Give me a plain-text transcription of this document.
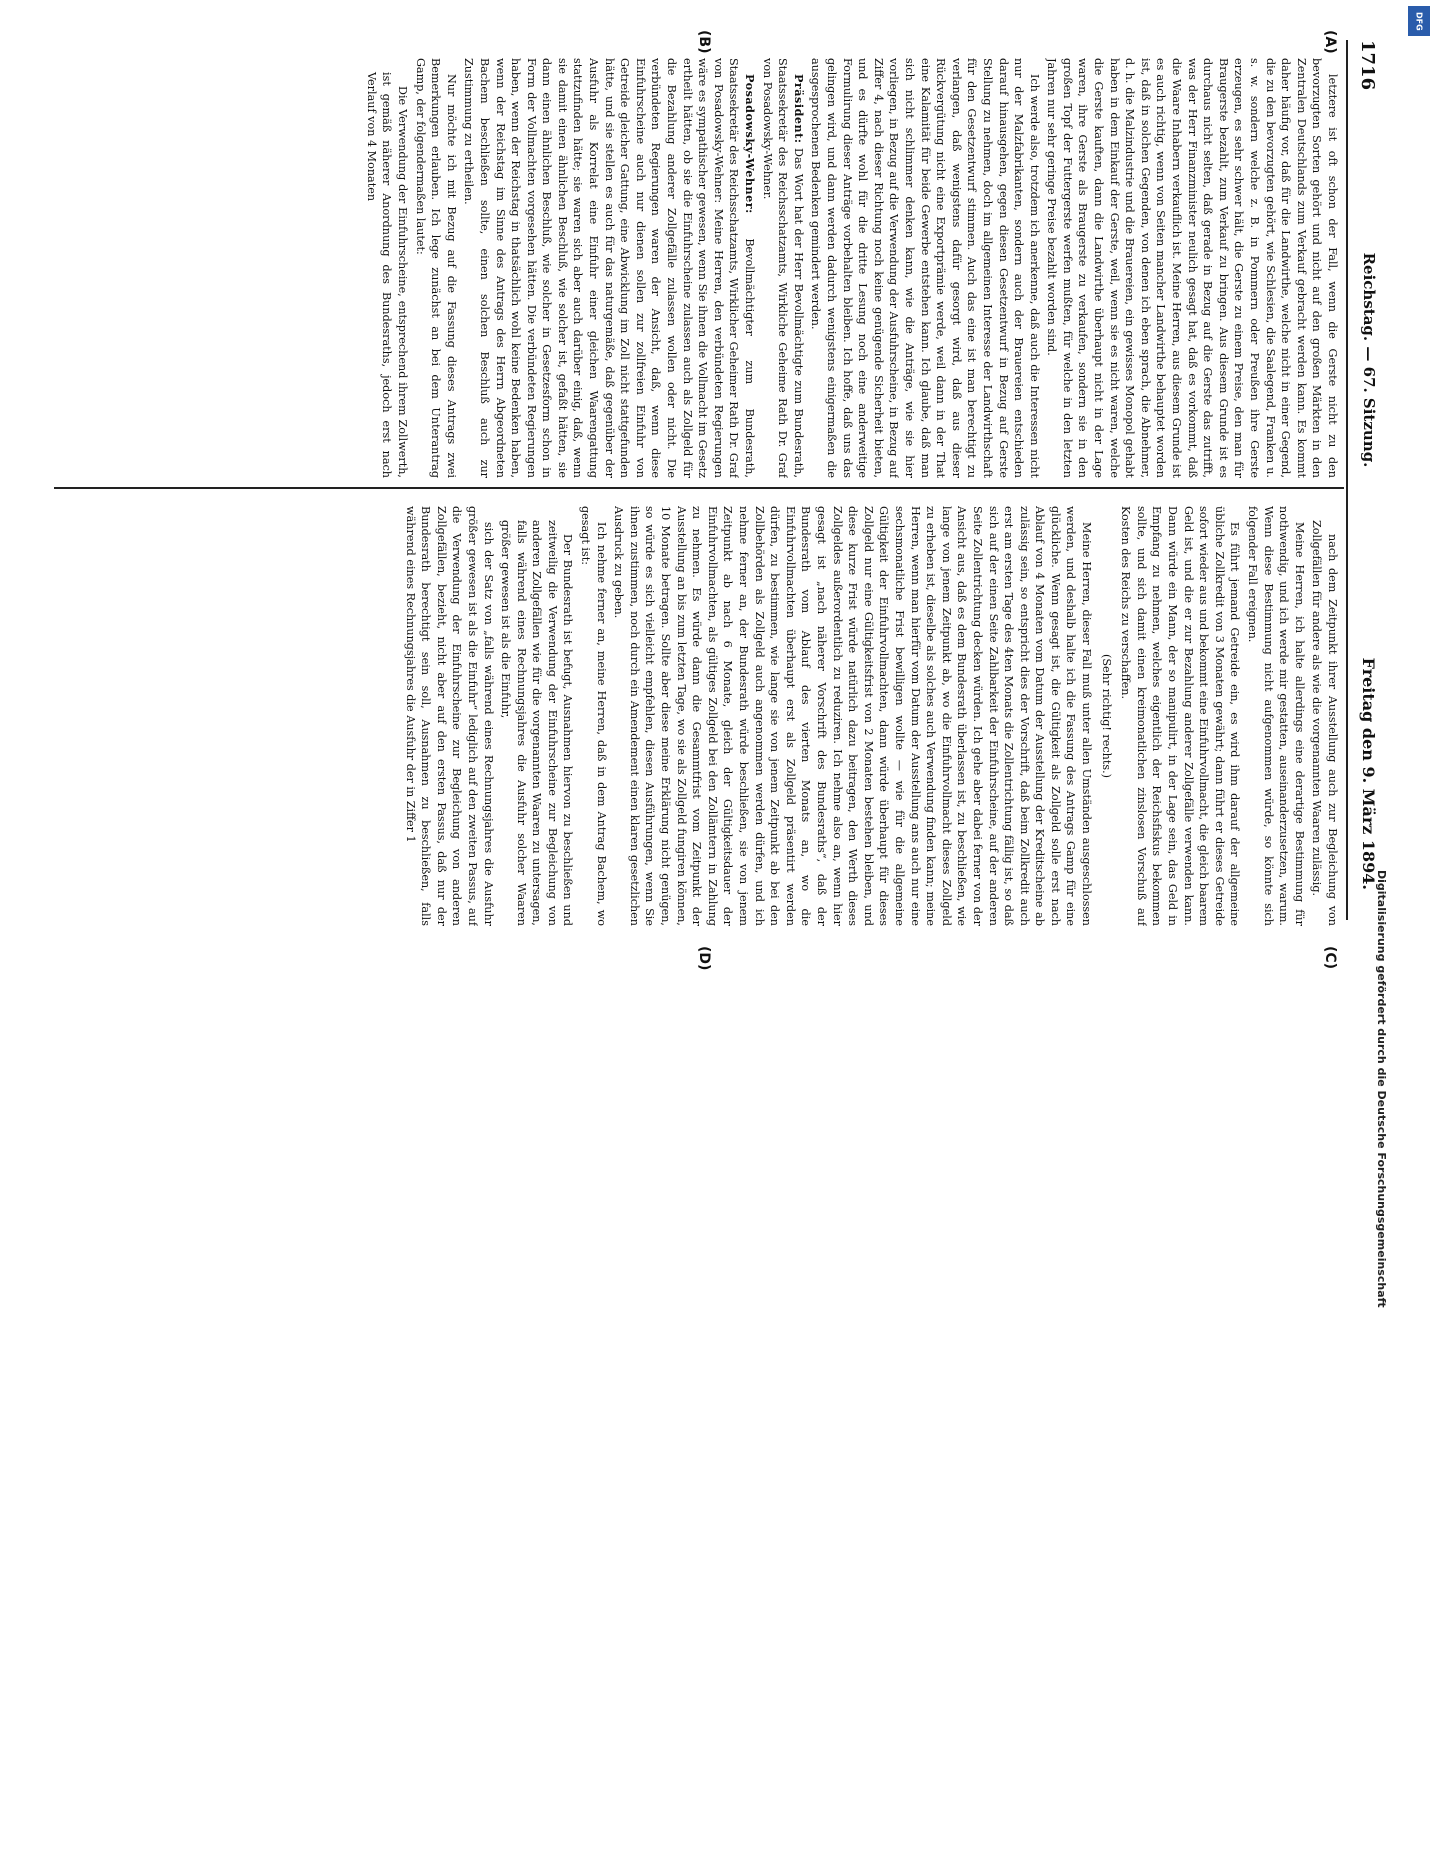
1716
Reichstag. — 67. Sitzung.
Freitag den 9. März 1894.
(A)
(B)
(C)
(D)

letztere ist oft schon der Fall, wenn die Gerste nicht zu den bevorzugten Sorten gehört und nicht auf den großen Märkten in den Zentralen Deutschlands zum Verkauf gebracht werden kann. Es kommt daher häufig vor, daß für die Landwirthe, welche nicht in einer Gegend, die zu den bevorzugten gehört, wie Schlesien, die Saalegend, Franken u. s. w. sondern welche z. B. in Pommern oder Preußen ihre Gerste erzeugen, es sehr schwer hält, die Gerste zu einem Preise, den man für Braugerste bezahlt, zum Verkauf zu bringen. Aus diesem Grunde ist es durchaus nicht selten, daß gerade in Bezug auf die Gerste das zutrifft, was der Herr Finanzminister neulich gesagt hat, daß es vorkommt, daß die Waare Inhabern verkauflich ist. Meine Herren, aus diesem Grunde ist es auch richtig, wenn von Seiten mancher Landwirthe behauptet worden ist, daß in solchen Gegenden, von denen ich eben sprach, die Abnehmer, d. h. die Malzindustrie und die Brauereien, ein gewisses Monopol gehabt haben in dem Einkauf der Gerste, weil, wenn sie es nicht waren, welche die Gerste kauften, dann die Landwirthe überhaupt nicht in der Lage waren, ihre Gerste als Braugerste zu verkaufen, sondern sie in den großen Topf der Futtergerste werfen mußten, für welche in den letzten Jahren nur sehr geringe Preise bezahlt worden sind.

Ich werde also, trotzdem ich anerkenne, daß auch die Interessen nicht nur der Malzfabrikanten, sondern auch der Brauereien entschieden darauf hinausgehen, gegen diesen Gesetzentwurf in Bezug auf Gerste Stellung zu nehmen, doch im allgemeinen Interesse der Landwirthschaft für den Gesetzentwurf stimmen. Auch das eine ist man berechtigt zu verlangen, daß wenigstens dafür gesorgt wird, daß aus dieser Rückvergütung nicht eine Exportprämie werde, weil dann in der That eine Kalamität für beide Gewerbe entstehen kann. Ich glaube, daß man sich nicht schlimmer denken kann, wie die Anträge, wie sie hier vorliegen, in Bezug auf die Verwendung der Ausfuhrscheine, in Bezug auf Ziffer 4, nach dieser Richtung noch keine genügende Sicherheit bieten, und es dürfte wohl für die dritte Lesung noch eine anderweitige Formulirung dieser Anträge vorbehalten bleiben. Ich hoffe, daß uns das gelingen wird, und dann werden dadurch wenigstens einigermaßen die ausgesprochenen Bedenken gemindert werden.

Präsident: Das Wort hat der Herr Bevollmächtigte zum Bundesrath, Staatssekretär des Reichsschatzamts, Wirkliche Geheime Rath Dr. Graf von Posadowsky-Wehner.

Posadowsky-Wehner: Bevollmächtigter zum Bundesrath, Staatssekretär des Reichsschatzamts, Wirklicher Geheimer Rath Dr. Graf von Posadowsky-Wehner: Meine Herren, den verbündeten Regierungen wäre es sympathischer gewesen, wenn Sie ihnen die Vollmacht im Gesetz ertheilt hätten, ob sie die Einfuhrscheine zulassen auch als Zollgeld für die Bezahlung anderer Zollgefälle zulassen wollen oder nicht. Die verbündeten Regierungen waren der Ansicht, daß, wenn diese Einfuhrscheine auch nur dienen sollen zur zollfreien Einfuhr von Getreide gleicher Gattung, eine Abwicklung im Zoll nicht stattgefunden hätte, und sie stellen es auch für das naturgemäße, daß gegenüber der Ausfuhr als Korrelat eine Einfuhr einer gleichen Waarengattung stattzufinden hätte; sie waren sich aber auch darüber einig, daß, wenn sie damit einen ähnlichen Beschluß, wie solcher ist, gefaßt hätten, sie dann einen ähnlichen Beschluß, wie solcher in Gesetzesform schon in Form der Vollmachten vorgesehen hätten. Die verbündeten Regierungen haben, wenn der Reichstag in thatsächlich wohl keine Bedenken haben, wenn der Reichstag im Sinne des Antrags des Herrn Abgeordneten Bachem beschließen sollte, einen solchen Beschluß auch zur Zustimmung zu ertheilen.

Nur möchte ich mit Bezug auf die Fassung dieses Antrags zwei Bemerkungen erlauben. Ich lege zunächst an bei dem Unterantrag Gamp, der folgendermaßen lautet:

Die Verwendung der Einfuhrscheine, entsprechend ihrem Zollwerth, ist gemäß näherer Anordnung des Bundesraths, jedoch erst nach Verlauf von 4 Monaten

nach dem Zeitpunkt ihrer Ausstellung auch zur Begleichung von Zollgefällen für andere als wie die vorgenannten Waaren zulässig.

Meine Herren, ich halte allerdings eine derartige Bestimmung für nothwendig, und ich werde mir gestatten, auseinanderzusetzen, warum. Wenn diese Bestimmung nicht aufgenommen würde, so könnte sich folgender Fall ereignen.

Es führt jemand Getreide ein, es wird ihm darauf der allgemeine übliche Zollkredit von 3 Monaten gewährt; dann führt er dieses Getreide sofort wieder aus und bekommt eine Einfuhrvollmacht, die gleich baarem Geld ist, und die er zur Bezahlung anderer Zollgefälle verwenden kann. Dann würde ein Mann, der so manipulirt, in der Lage sein, das Geld in Empfang zu nehmen, welches eigentlich der Reichsfiskus bekommen sollte, und sich damit einen kreimonatlichen zinslosen Vorschuß auf Kosten des Reichs zu verschaffen.

(Sehr richtig! rechts.)

Meine Herren, dieser Fall muß unter allen Umständen ausgeschlossen werden, und deshalb halte ich die Fassung des Antrags Gamp für eine glückliche. Wenn gesagt ist, die Gültigkeit als Zollgeld solle erst nach Ablauf von 4 Monaten vom Datum der Ausstellung der Kreditscheine ab zulässig sein, so entspricht dies der Vorschrift, daß beim Zollkredit auch erst am ersten Tage des 4ten Monats die Zollentrichtung fällig ist, so daß sich auf der einen Seite Zahlbarkeit der Einfuhrscheine, auf der anderen Seite Zollentrichtung decken würden. Ich gehe aber dabei ferner von der Ansicht aus, daß es dem Bundesrath überlassen ist, zu beschließen, wie lange von jenem Zeitpunkt ab, wo die Einfuhrvollmacht dieses Zollgeld zu erheben ist, dieselbe als solches auch Verwendung finden kann; meine Herren, wenn man hierfür vom Datum der Ausstellung ans auch nur eine sechsmonatliche Frist bewilligen wollte — wie für die allgemeine Gültigkeit der Einfuhrvollmachten, dann würde überhaupt für dieses Zollgeld nur eine Gültigkeitsfrist von 2 Monaten bestehen bleiben, und diese kurze Frist würde natürlich dazu beitragen, den Werth dieses Zollgeldes außerordentlich zu reduziren. Ich nehme also an, wenn hier gesagt ist „nach näherer Vorschrift des Bundesraths“, daß der Bundesrath vom Ablauf des vierten Monats an, wo die Einfuhrvollmachten überhaupt erst als Zollgeld präsentirt werden dürfen, zu bestimmen, wie lange sie von jenem Zeitpunkt ab bei den Zollbehörden als Zollgeld auch angenommen werden dürfen, und ich nehme ferner an, der Bundesrath würde beschließen, sie von jenem Zeitpunkt ab nach 6 Monate, gleich der Gültigkeitsdauer der Einfuhrvollmachten, als gültiges Zollgeld bei den Zollämtern in Zahlung zu nehmen. Es würde dann die Gesammtfrist vom Zeitpunkt der Ausstellung an bis zum letzten Tage, wo sie als Zollgeld fungiren können, 10 Monate betragen. Sollte aber diese meine Erklärung nicht genügen, so würde es sich vielleicht empfehlen, diesen Ausführungen, wenn Sie ihnen zustimmen, noch durch ein Amendement einen klaren gesetzlichen Ausdruck zu geben.

Ich nehme ferner an, meine Herren, daß in dem Antrag Bachem, wo gesagt ist:

Der Bundesrath ist befugt, Ausnahmen hiervon zu beschließen und zeitweilig die Verwendung der Einfuhrscheine zur Begleichung von anderen Zollgefällen wie für die vorgenannten Waaren zu untersagen, falls während eines Rechnungsjahres die Ausfuhr solcher Waaren größer gewesen ist als die Einfuhr,

sich der Satz von „falls während eines Rechnungsjahres die Ausfuhr größer gewesen ist als die Einfuhr“ lediglich auf den zweiten Passus, auf die Verwendung der Einfuhrscheine zur Begleichung von anderen Zollgefällen, bezieht, nicht aber auf den ersten Passus, daß nur der Bundesrath berechtigt sein soll, Ausnahmen zu beschließen, falls während eines Rechnungsjahres die Ausfuhr der in Ziffer 1

Digitalisierung gefördert durch die Deutsche Forschungsgemeinschaft
DFG
